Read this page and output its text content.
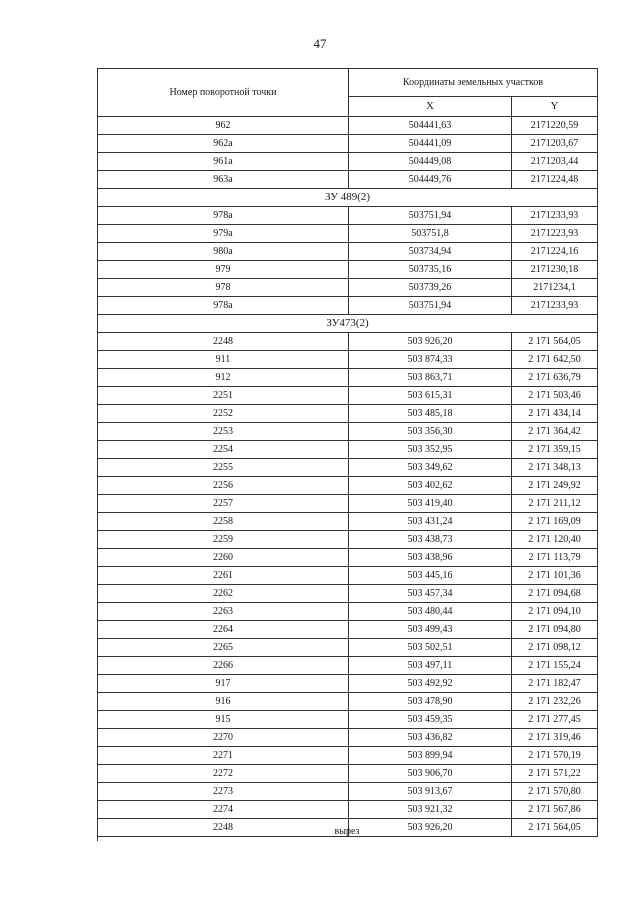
47
Номер поворотной точки	Координаты земельных участков	
	X	Y
962	504441,63	2171220,59
962а	504441,09	2171203,67
961а	504449,08	2171203,44
963а	504449,76	2171224,48
ЗУ 489(2)		
978а	503751,94	2171233,93
979а	503751,8	2171223,93
980а	503734,94	2171224,16
979	503735,16	2171230,18
978	503739,26	2171234,1
978а	503751,94	2171233,93
ЗУ473(2)		
2248	503 926,20	2 171 564,05
911	503 874,33	2 171 642,50
912	503 863,71	2 171 636,79
2251	503 615,31	2 171 503,46
2252	503 485,18	2 171 434,14
2253	503 356,30	2 171 364,42
2254	503 352,95	2 171 359,15
2255	503 349,62	2 171 348,13
2256	503 402,62	2 171 249,92
2257	503 419,40	2 171 211,12
2258	503 431,24	2 171 169,09
2259	503 438,73	2 171 120,40
2260	503 438,96	2 171 113,79
2261	503 445,16	2 171 101,36
2262	503 457,34	2 171 094,68
2263	503 480,44	2 171 094,10
2264	503 499,43	2 171 094,80
2265	503 502,51	2 171 098,12
2266	503 497,11	2 171 155,24
917	503 492,92	2 171 182,47
916	503 478,90	2 171 232,26
915	503 459,35	2 171 277,45
2270	503 436,82	2 171 319,46
2271	503 899,94	2 171 570,19
2272	503 906,70	2 171 571,22
2273	503 913,67	2 171 570,80
2274	503 921,32	2 171 567,86
2248	503 926,20	2 171 564,05
вырез
